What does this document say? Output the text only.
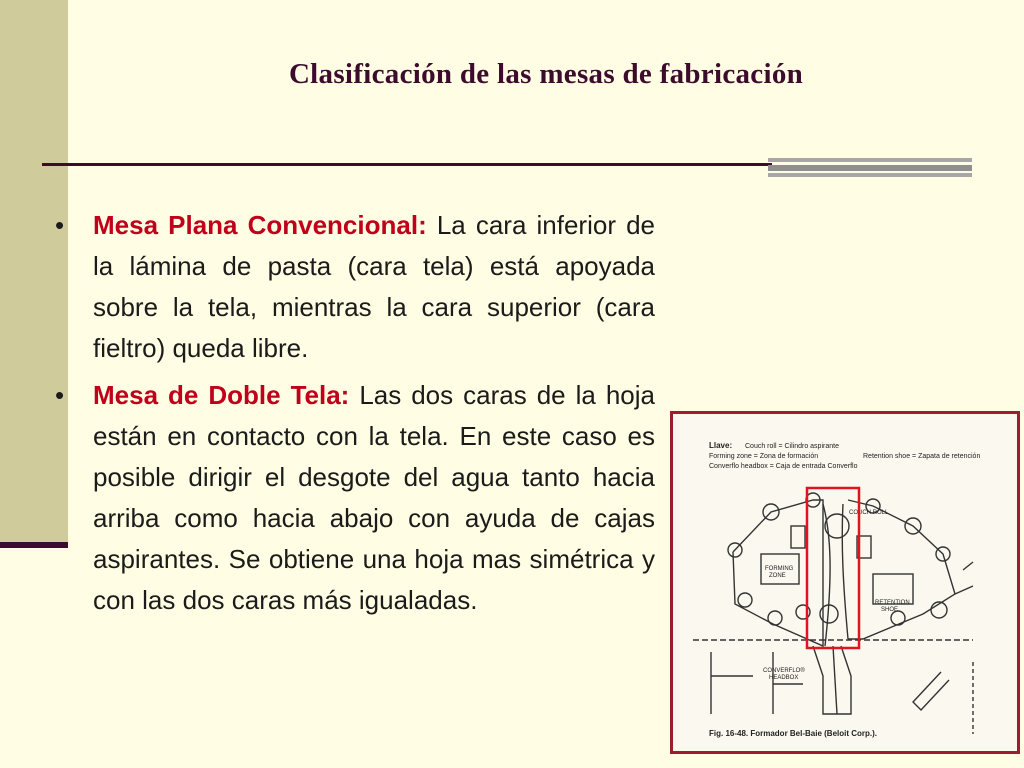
Clasificación de las mesas de fabricación
•	Mesa Plana Convencional: La cara inferior de la lámina de pasta (cara tela) está apoyada sobre la tela, mientras la cara superior (cara fieltro) queda libre.
•	Mesa de Doble Tela: Las dos caras de la hoja están en contacto con la tela. En este caso es posible dirigir el desgote del agua tanto hacia arriba como hacia abajo con ayuda de cajas aspirantes. Se obtiene una hoja mas simétrica y con las dos caras más igualadas.
Llave: Couch roll = Cilindro aspirante
Forming zone = Zona de formación	Retention shoe = Zapata de retención
Converflo headbox = Caja de entrada Converflo
COUCH ROLL
FORMING
ZONE
RETENTION
SHOE
CONVERFLO®
HEADBOX
Fig. 16-48. Formador Bel-Baie (Beloit Corp.).
